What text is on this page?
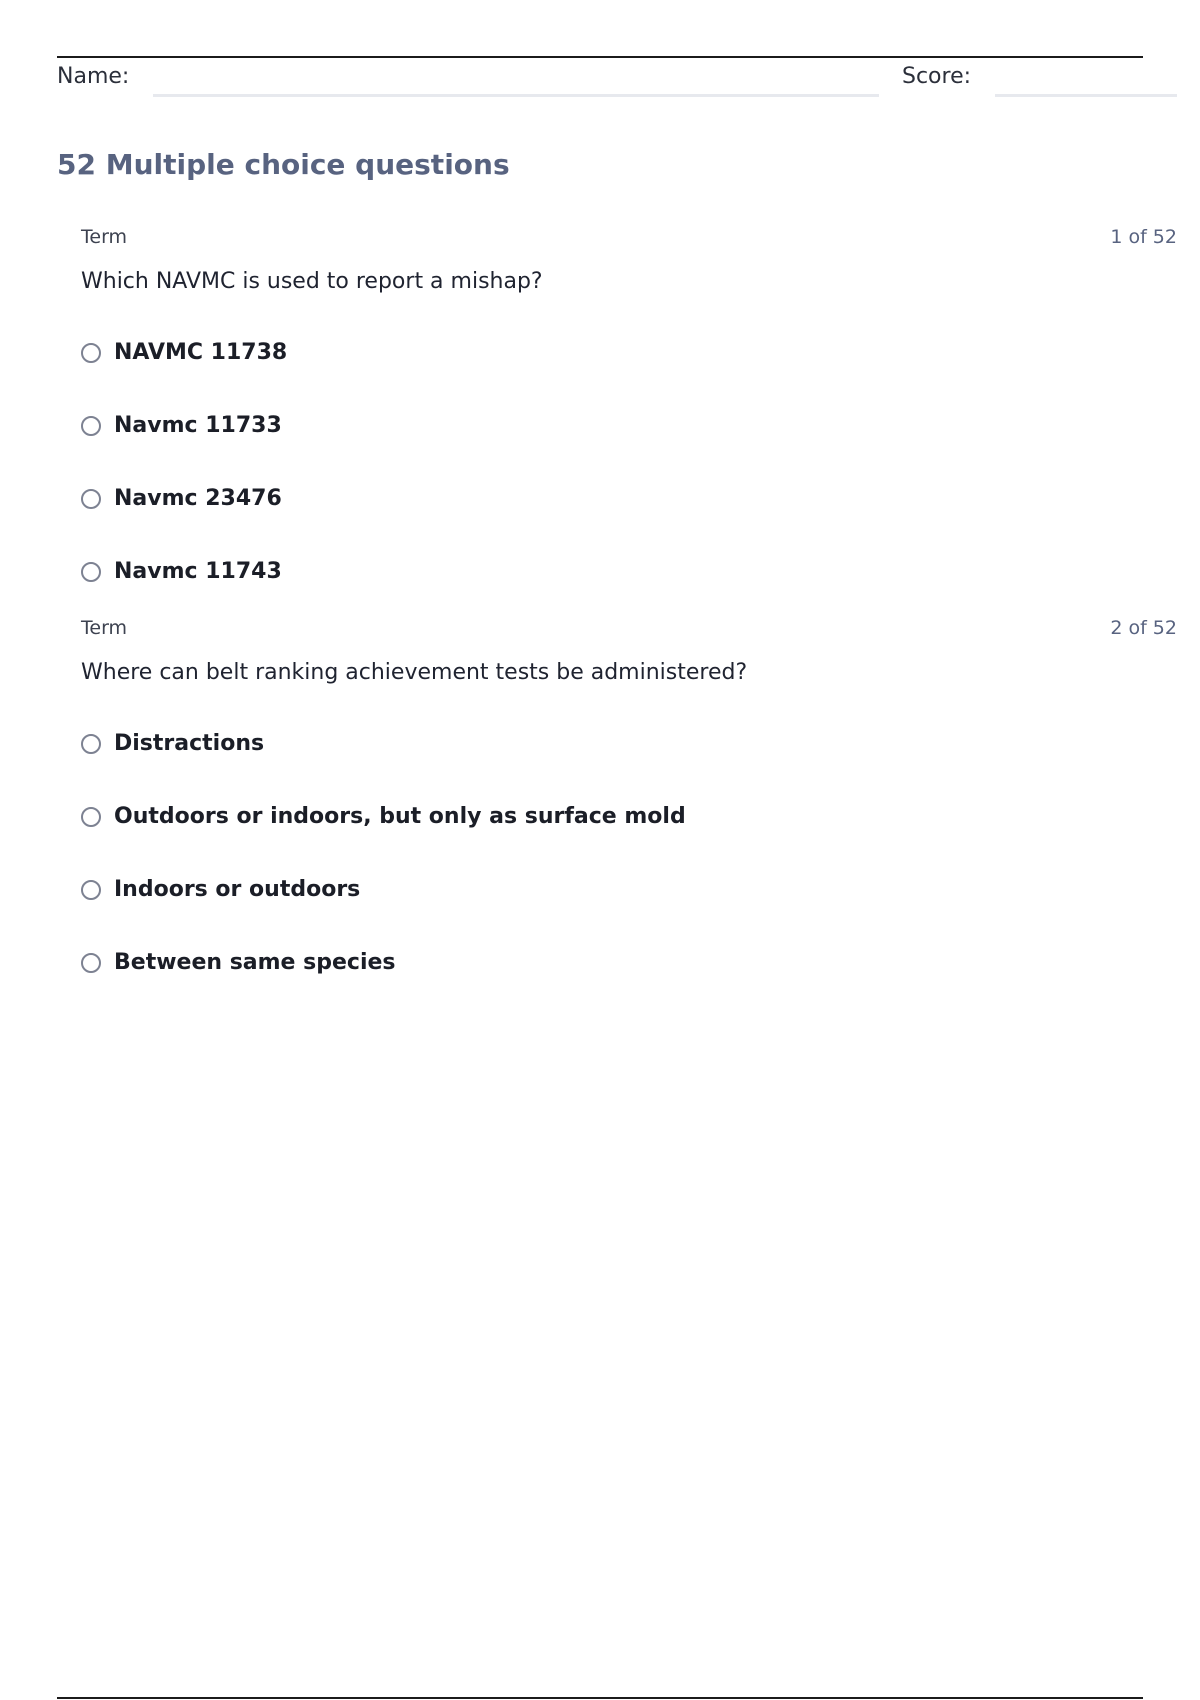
Name:	Score:
52 Multiple choice questions
Term	1 of 52
Which NAVMC is used to report a mishap?
NAVMC 11738
Navmc 11733
Navmc 23476
Navmc 11743
Term	2 of 52
Where can belt ranking achievement tests be administered?
Distractions
Outdoors or indoors, but only as surface mold
Indoors or outdoors
Between same species
